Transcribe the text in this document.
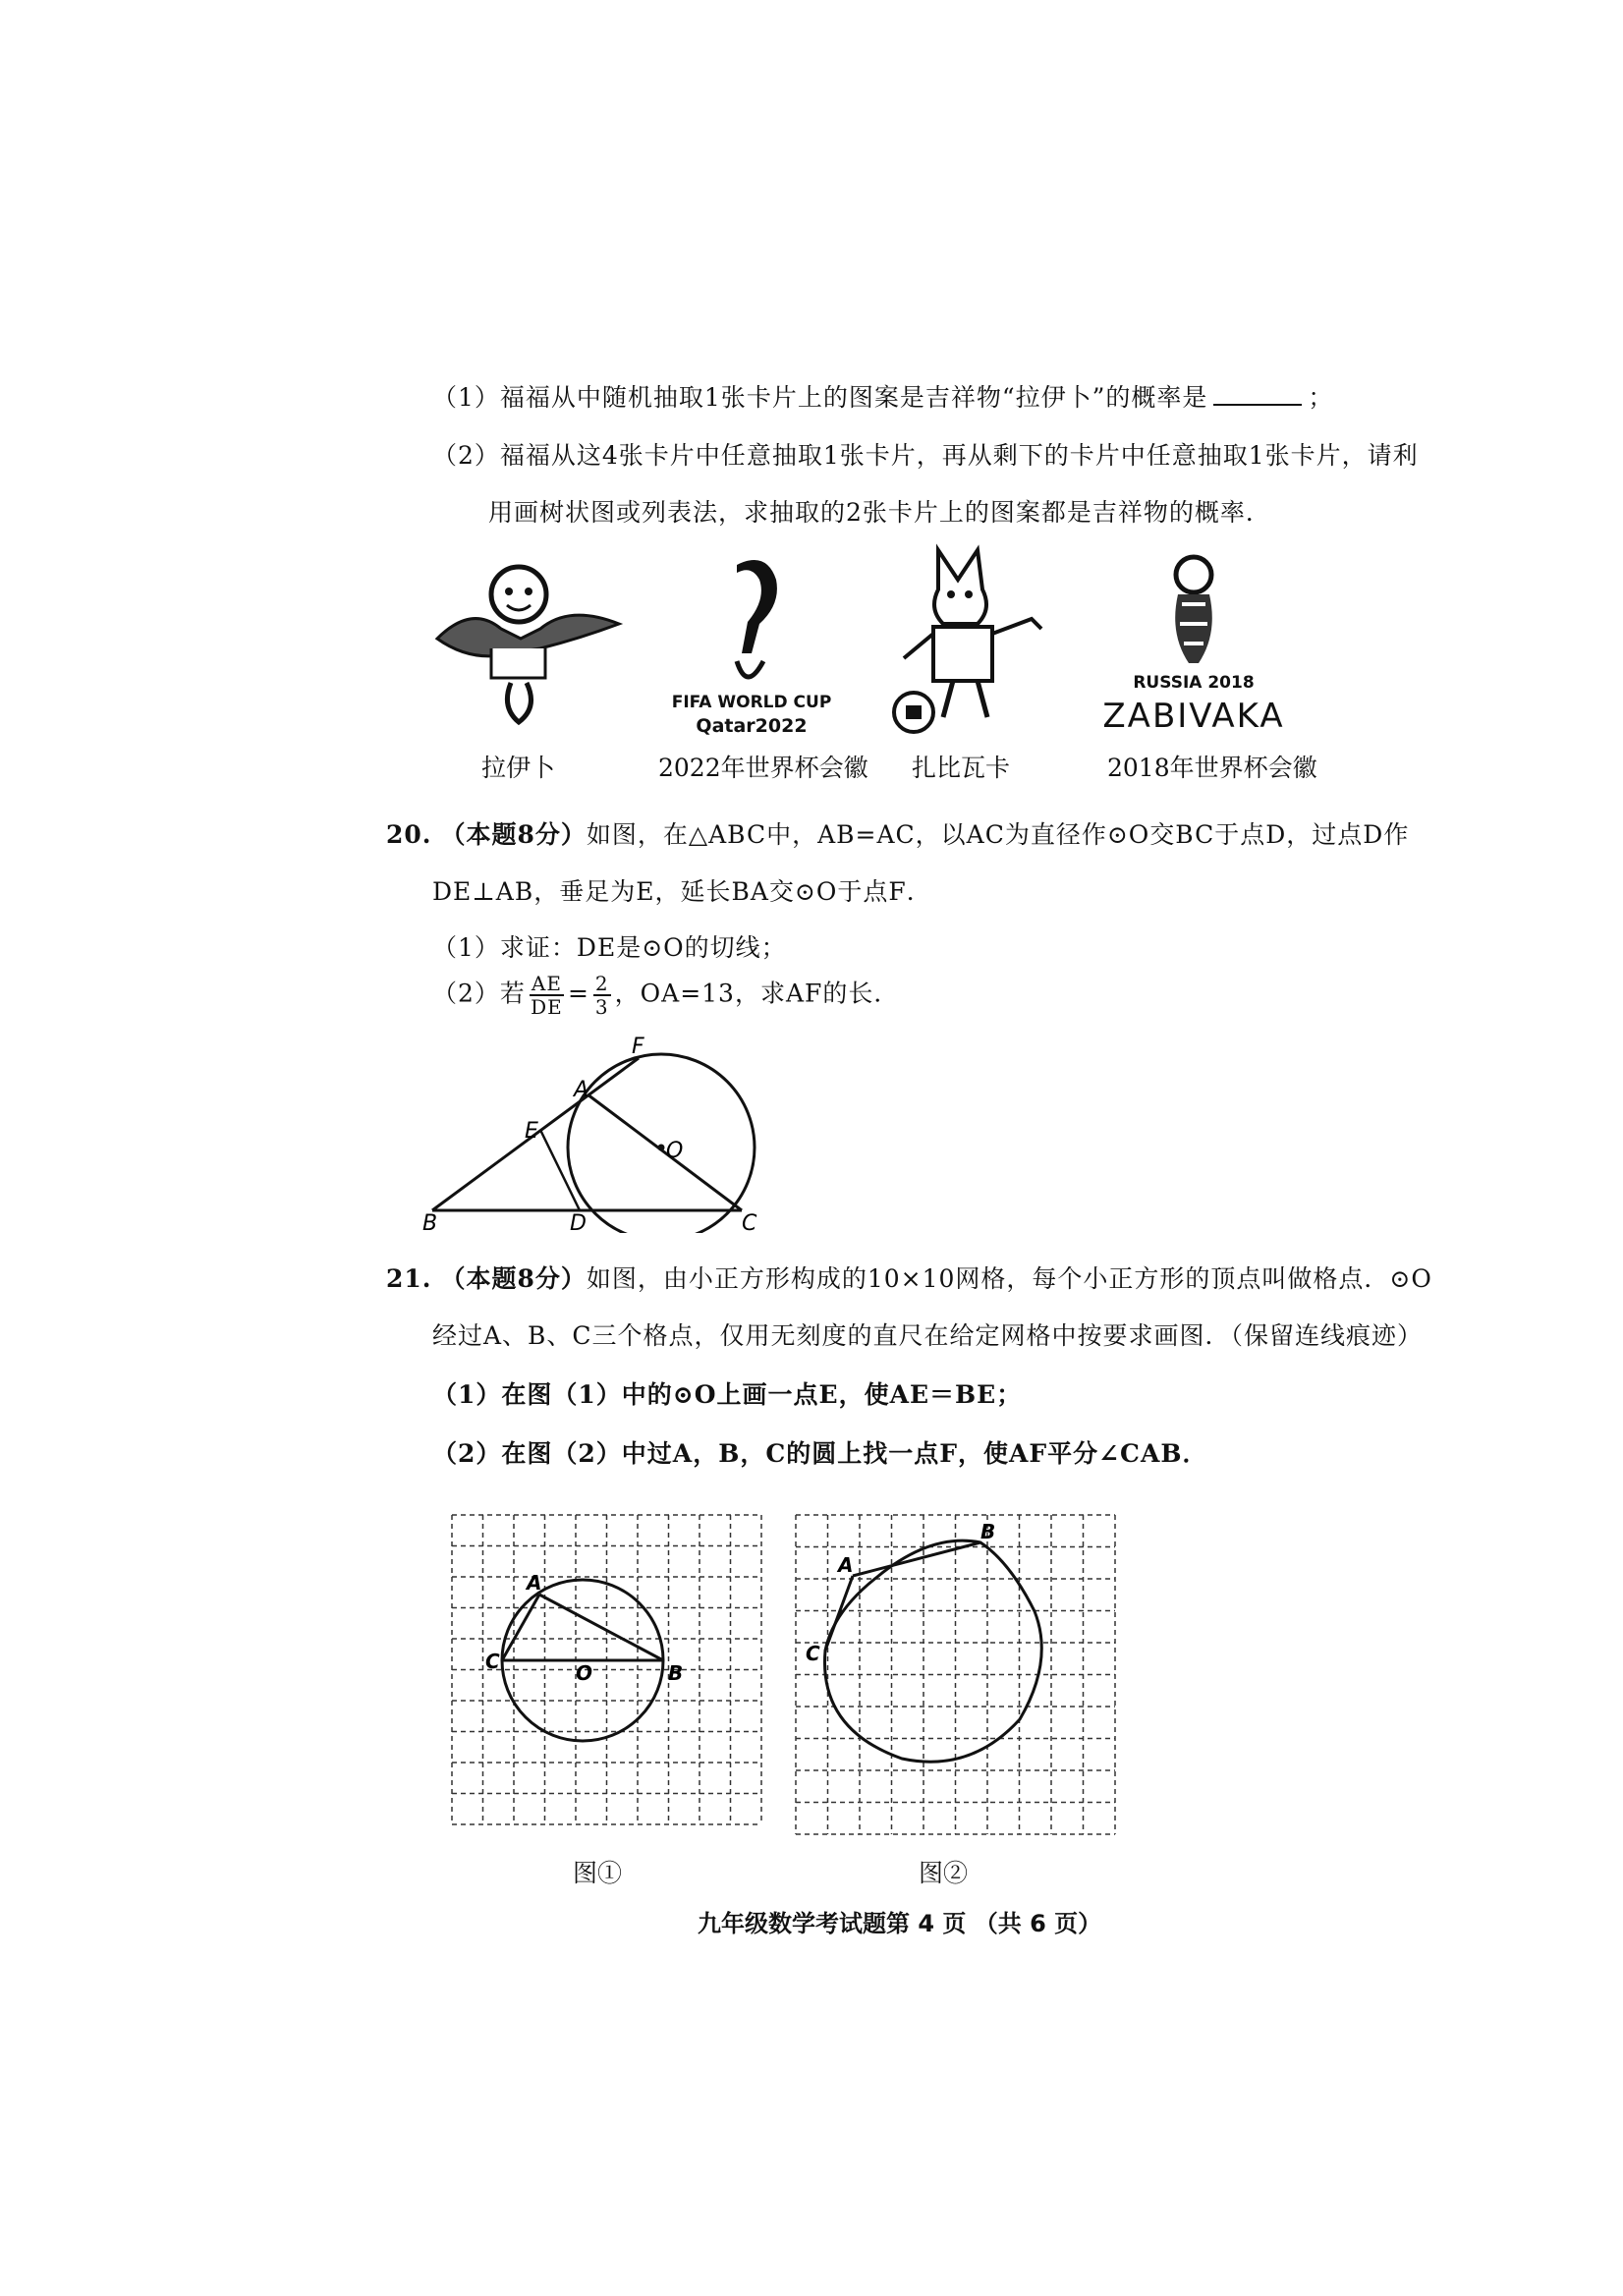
（1）福福从中随机抽取1张卡片上的图案是吉祥物“拉伊卜”的概率是	；
（2）福福从这4张卡片中任意抽取1张卡片，再从剩下的卡片中任意抽取1张卡片，请利
用画树状图或列表法，求抽取的2张卡片上的图案都是吉祥物的概率．
拉伊卜
FIFA WORLD CUP
Qatar2022
2022年世界杯会徽 扎比瓦卡
RUSSIA 2018
ZABIVAKA
2018年世界杯会徽
20. （本题8分）如图，在△ABC中，AB=AC，以AC为直径作⊙O交BC于点D，过点D作
DE⊥AB，垂足为E，延长BA交⊙O于点F．
（1）求证：DE是⊙O的切线；
（2）若 $\frac{AE}{DE} = \frac{2}{3}$ ，OA=13，求AF的长．
F
A
E
O
B	D	C
21. （本题8分）如图，由小正方形构成的10×10网格，每个小正方形的顶点叫做格点．⊙O
经过A、B、C三个格点，仅用无刻度的直尺在给定网格中按要求画图．（保留连线痕迹）
（1）在图（1）中的⊙O上画一点E，使AE＝BE；
（2）在图（2）中过A，B，C的圆上找一点F，使AF平分∠CAB．
A
C	O	B
图①
A
B
C
图②
九年级数学考试题第 4 页 （共 6 页）
